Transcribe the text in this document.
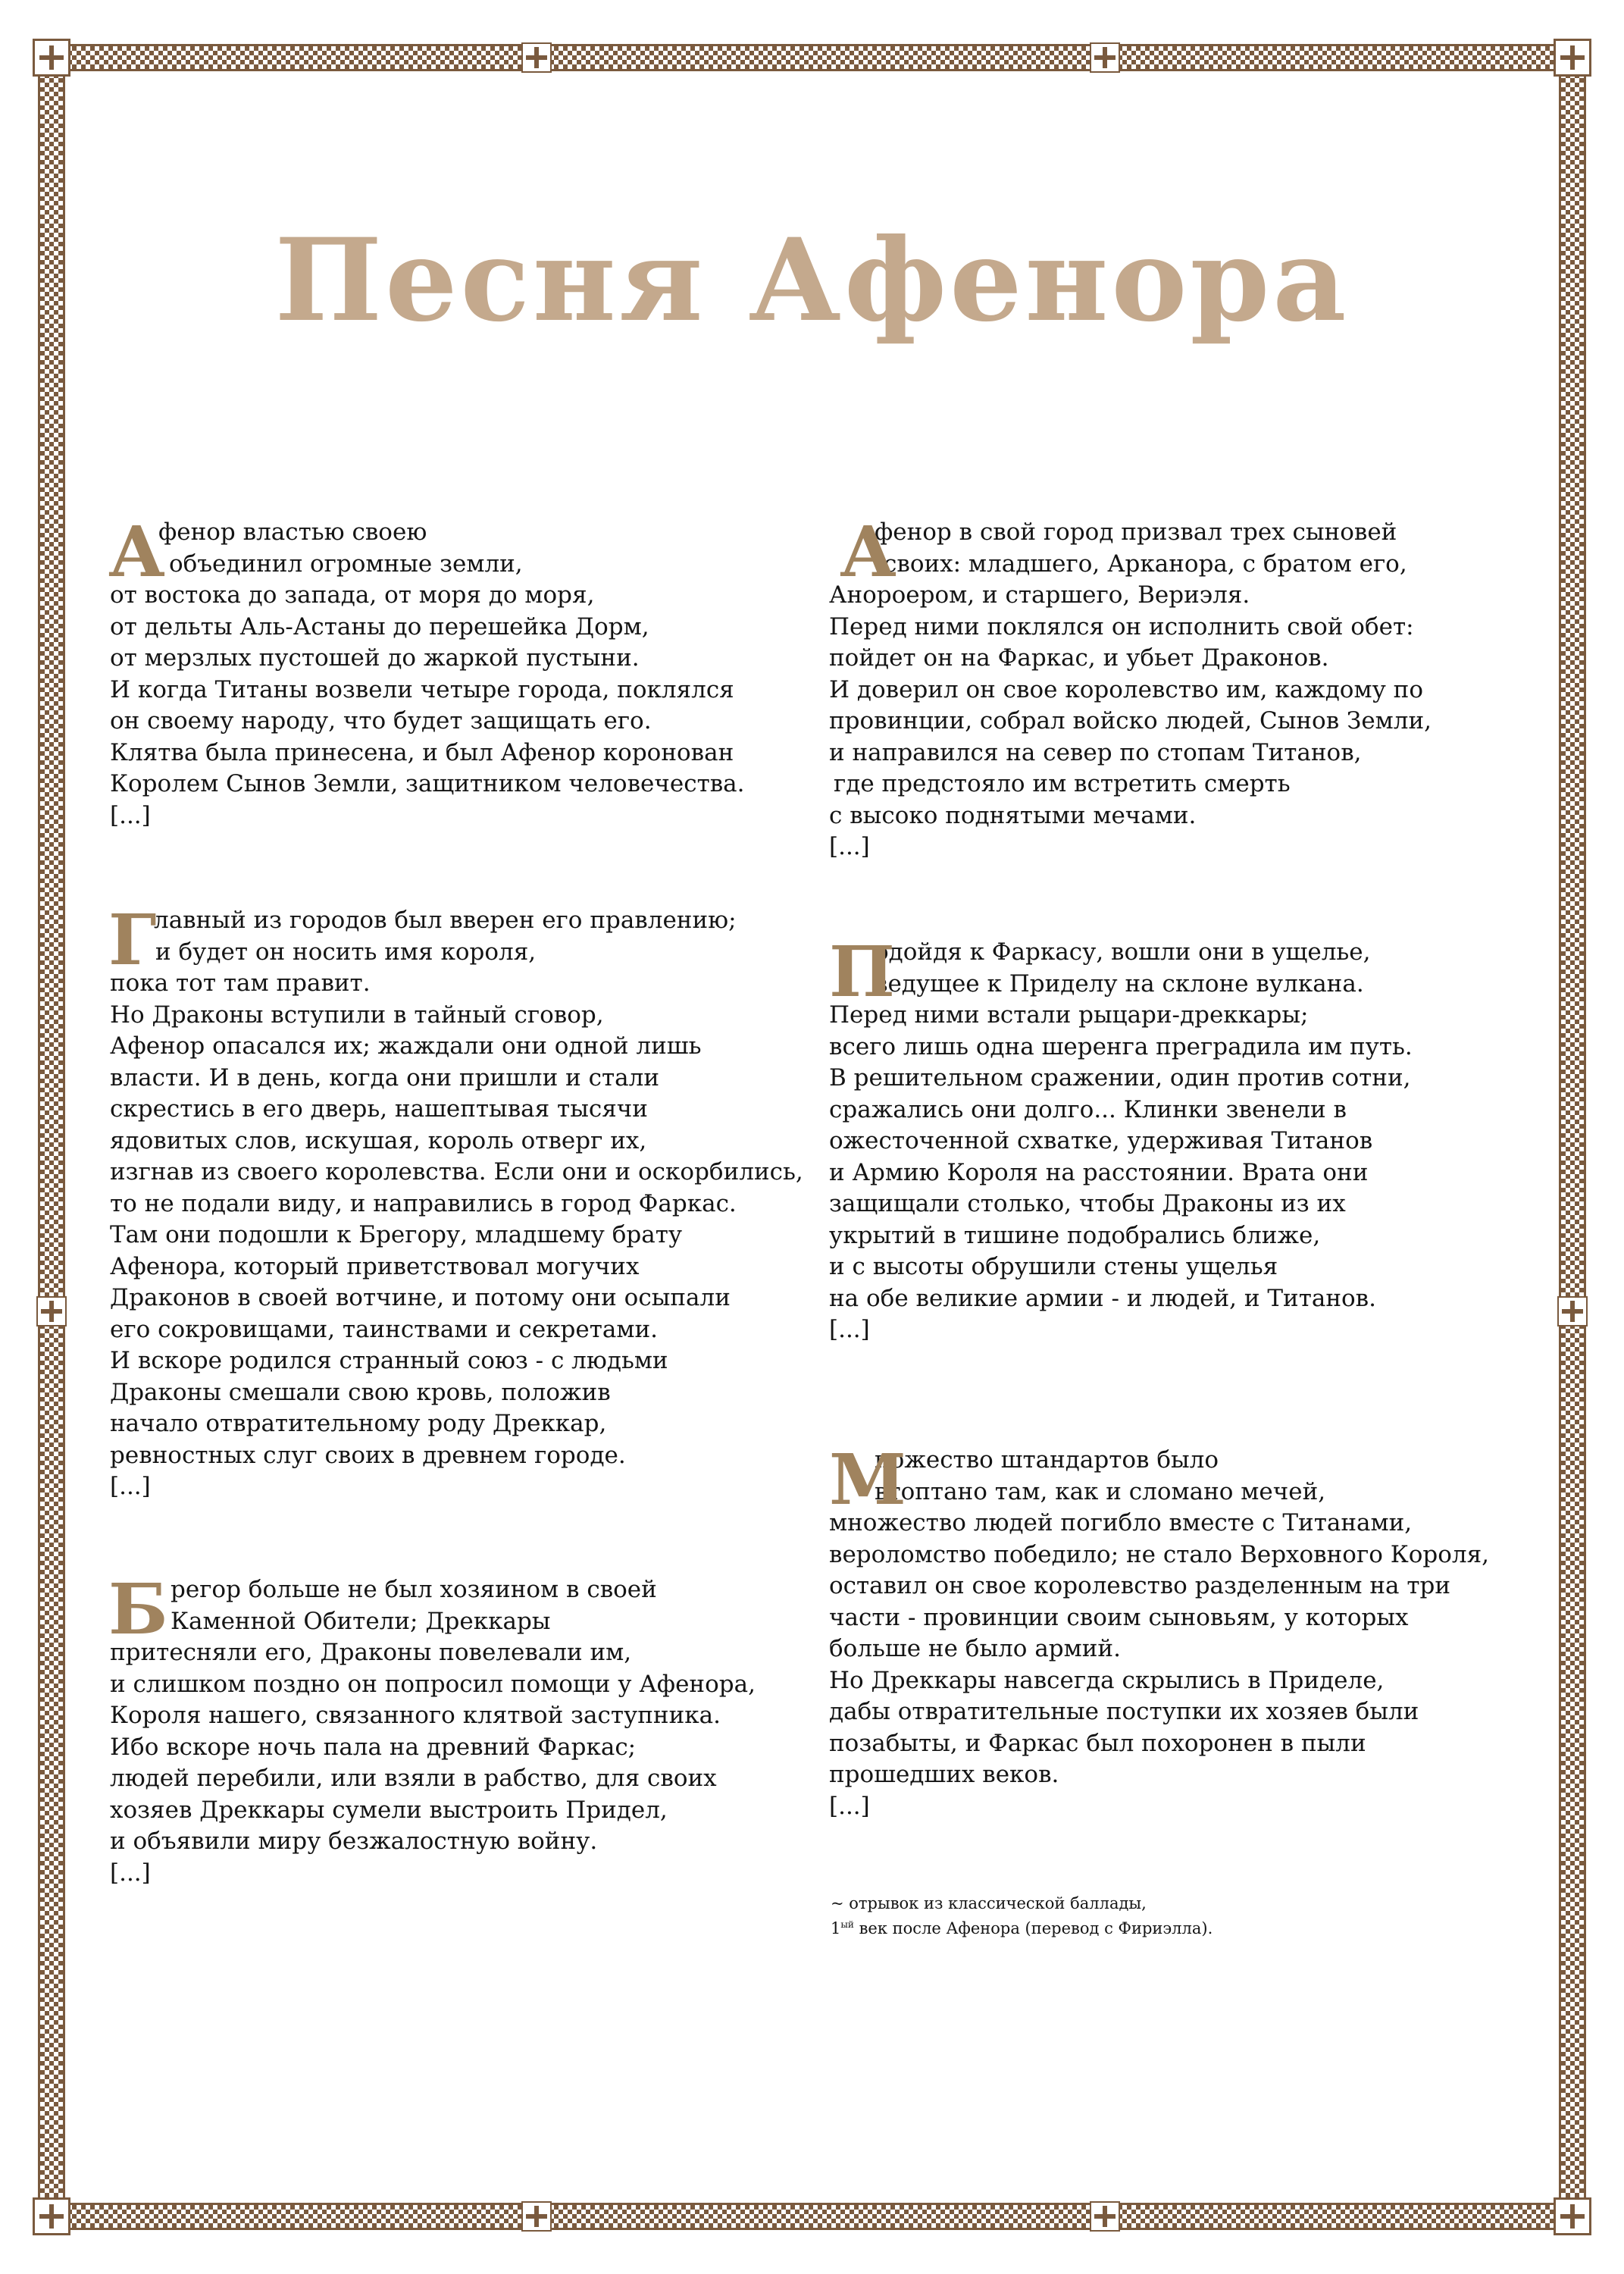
Песня Афенора
А
фенор властью своею
объединил огромные земли,
от востока до запада, от моря до моря,
от дельты Аль-Астаны до перешейка Дорм,
от мерзлых пустошей до жаркой пустыни.
И когда Титаны возвели четыре города, поклялся
он своему народу, что будет защищать его.
Клятва была принесена, и был Афенор коронован
Королем Сынов Земли, защитником человечества.
[...]
Г
лавный из городов был вверен его правлению;
и будет он носить имя короля,
пока тот там правит.
Но Драконы вступили в тайный сговор,
Афенор опасался их; жаждали они одной лишь
власти. И в день, когда они пришли и стали
скрестись в его дверь, нашептывая тысячи
ядовитых слов, искушая, король отверг их,
изгнав из своего королевства. Если они и оскорбились,
то не подали виду, и направились в город Фаркас.
Там они подошли к Брегору, младшему брату
Афенора, который приветствовал могучих
Драконов в своей вотчине, и потому они осыпали
его сокровищами, таинствами и секретами.
И вскоре родился странный союз - с людьми
Драконы смешали свою кровь, положив
начало отвратительному роду Дреккар,
ревностных слуг своих в древнем городе.
[...]
Б регор больше не был хозяином в своей
Каменной Обители; Дреккары
притесняли его, Драконы повелевали им,
и слишком поздно он попросил помощи у Афенора,
Короля нашего, связанного клятвой заступника.
Ибо вскоре ночь пала на древний Фаркас;
людей перебили, или взяли в рабство, для своих
хозяев Дреккары сумели выстроить Придел,
и объявили миру безжалостную войну.
[...]
А
фенор в свой город призвал трех сыновей
своих: младшего, Арканора, с братом его,
Анороером, и старшего, Вериэля.
Перед ними поклялся он исполнить свой обет:
пойдет он на Фаркас, и убьет Драконов.
И доверил он свое королевство им, каждому по
провинции, собрал войско людей, Сынов Земли,
и направился на север по стопам Титанов,
где предстояло им встретить смерть
с высоко поднятыми мечами.
[...]
П
одойдя к Фаркасу, вошли они в ущелье,
ведущее к Приделу на склоне вулкана.
Перед ними встали рыцари-дреккары;
всего лишь одна шеренга преградила им путь.
В решительном сражении, один против сотни,
сражались они долго... Клинки звенели в
ожесточенной схватке, удерживая Титанов
и Армию Короля на расстоянии. Врата они
защищали столько, чтобы Драконы из их
укрытий в тишине подобрались ближе,
и с высоты обрушили стены ущелья
на обе великие армии - и людей, и Титанов.
[...]
М
ножество штандартов было
втоптано там, как и сломано мечей,
множество людей погибло вместе с Титанами,
вероломство победило; не стало Верховного Короля,
оставил он свое королевство разделенным на три
части - провинции своим сыновьям, у которых
больше не было армий.
Но Дреккары навсегда скрылись в Приделе,
дабы отвратительные поступки их хозяев были
позабыты, и Фаркас был похоронен в пыли
прошедших веков.
[...]
~ отрывок из классической баллады,
$1^{ый}$ век после Афенора (перевод с Фириэлла).
